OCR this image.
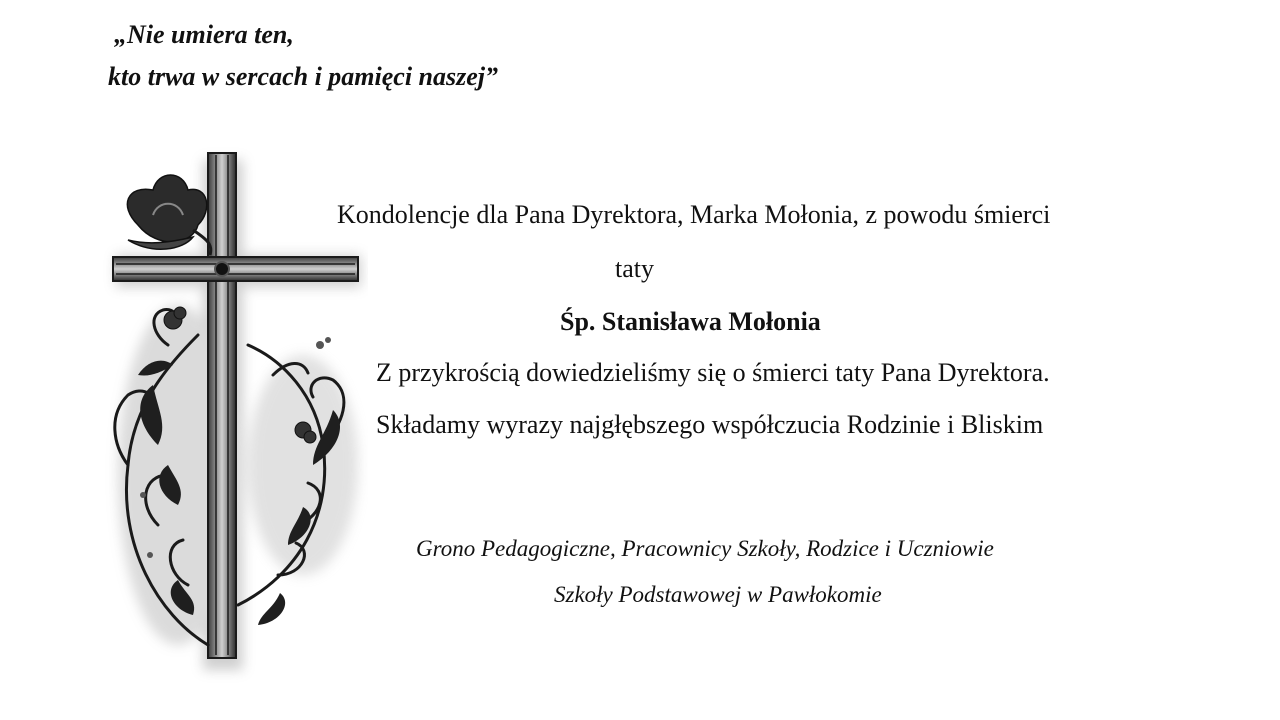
„Nie umiera ten,
kto trwa w sercach i pamięci naszej”
Kondolencje dla Pana Dyrektora, Marka Mołonia, z powodu śmierci
taty
Śp. Stanisława Mołonia
Z przykrością dowiedzieliśmy się o śmierci taty Pana Dyrektora.
Składamy wyrazy najgłębszego współczucia Rodzinie i Bliskim
Grono Pedagogiczne, Pracownicy Szkoły, Rodzice i Uczniowie
Szkoły Podstawowej w Pawłokomie
